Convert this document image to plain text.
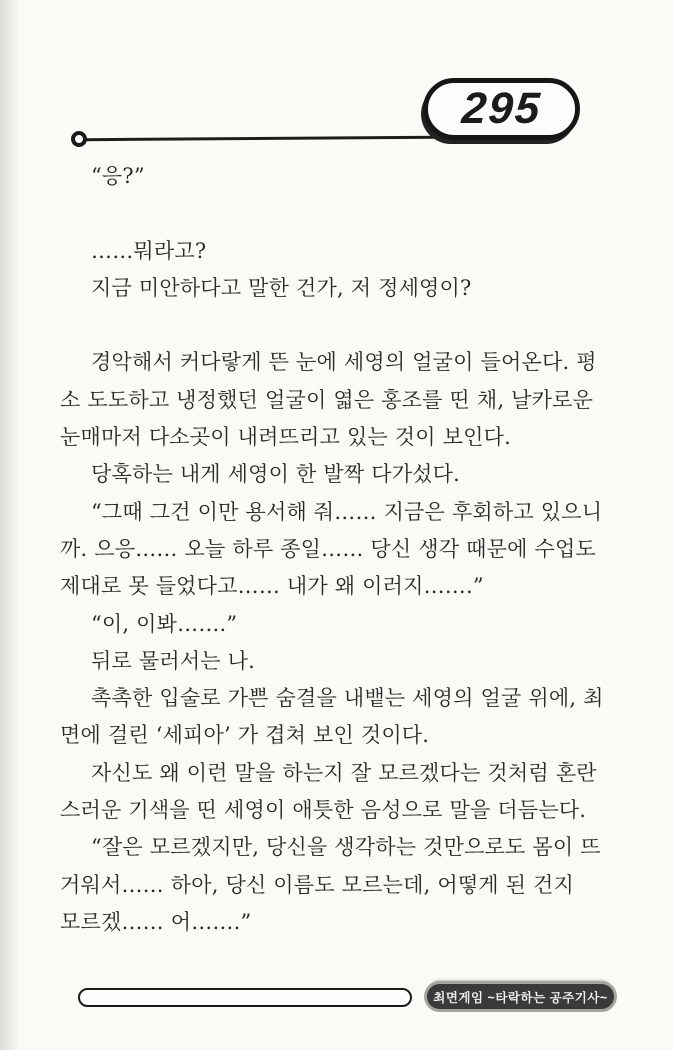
295
“응?”
……뭐라고?
지금 미안하다고 말한 건가, 저 정세영이?
경악해서 커다랗게 뜬 눈에 세영의 얼굴이 들어온다. 평
소 도도하고 냉정했던 얼굴이 엷은 홍조를 띤 채, 날카로운
눈매마저 다소곳이 내려뜨리고 있는 것이 보인다.
당혹하는 내게 세영이 한 발짝 다가섰다.
“그때 그건 이만 용서해 줘…… 지금은 후회하고 있으니
까. 으응…… 오늘 하루 종일…… 당신 생각 때문에 수업도
제대로 못 들었다고…… 내가 왜 이러지…….”
“이, 이봐…….”
뒤로 물러서는 나.
촉촉한 입술로 가쁜 숨결을 내뱉는 세영의 얼굴 위에, 최
면에 걸린 ‘세피아’ 가 겹쳐 보인 것이다.
자신도 왜 이런 말을 하는지 잘 모르겠다는 것처럼 혼란
스러운 기색을 띤 세영이 애틋한 음성으로 말을 더듬는다.
“잘은 모르겠지만, 당신을 생각하는 것만으로도 몸이 뜨
거워서…… 하아, 당신 이름도 모르는데, 어떻게 된 건지
모르겠…… 어…….”
최면게임 ~타락하는 공주기사~
